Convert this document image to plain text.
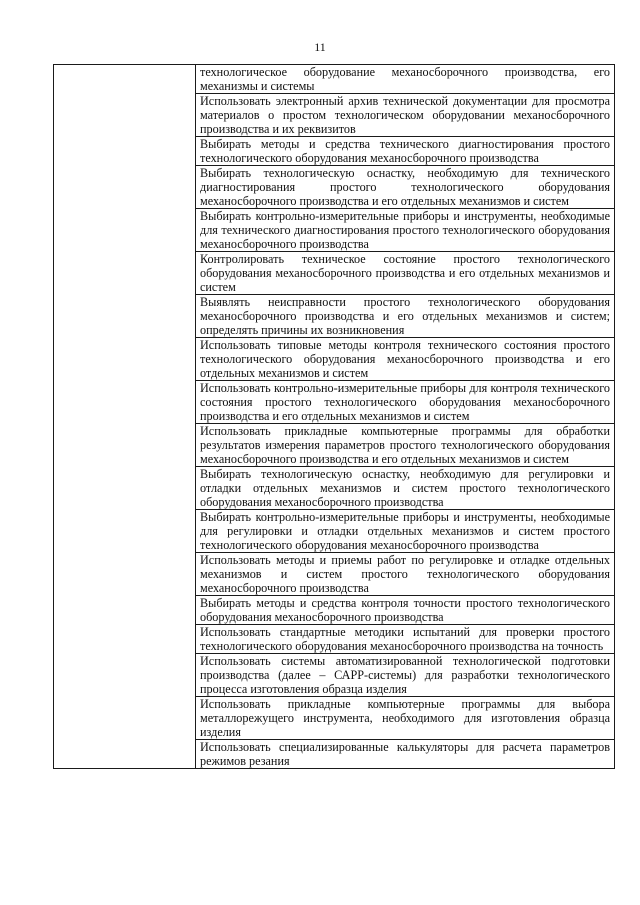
11
	технологическое оборудование механосборочного производства, его механизмы и системы
Использовать электронный архив технической документации для просмотра материалов о простом технологическом оборудовании механосборочного производства и их реквизитов
Выбирать методы и средства технического диагностирования простого технологического оборудования механосборочного производства
Выбирать технологическую оснастку, необходимую для технического диагностирования простого технологического оборудования механосборочного производства и его отдельных механизмов и систем
Выбирать контрольно-измерительные приборы и инструменты, необходимые для технического диагностирования простого технологического оборудования механосборочного производства
Контролировать техническое состояние простого технологического оборудования механосборочного производства и его отдельных механизмов и систем
Выявлять неисправности простого технологического оборудования механосборочного производства и его отдельных механизмов и систем; определять причины их возникновения
Использовать типовые методы контроля технического состояния простого технологического оборудования механосборочного производства и его отдельных механизмов и систем
Использовать контрольно-измерительные приборы для контроля технического состояния простого технологического оборудования механосборочного производства и его отдельных механизмов и систем
Использовать прикладные компьютерные программы для обработки результатов измерения параметров простого технологического оборудования механосборочного производства и его отдельных механизмов и систем
Выбирать технологическую оснастку, необходимую для регулировки и отладки отдельных механизмов и систем простого технологического оборудования механосборочного производства
Выбирать контрольно-измерительные приборы и инструменты, необходимые для регулировки и отладки отдельных механизмов и систем простого технологического оборудования механосборочного производства
Использовать методы и приемы работ по регулировке и отладке отдельных механизмов и систем простого технологического оборудования механосборочного производства
Выбирать методы и средства контроля точности простого технологического оборудования механосборочного производства
Использовать стандартные методики испытаний для проверки простого технологического оборудования механосборочного производства на точность
Использовать системы автоматизированной технологической подготовки производства (далее – САРР-системы) для разработки технологического процесса изготовления образца изделия
Использовать прикладные компьютерные программы для выбора металлорежущего инструмента, необходимого для изготовления образца изделия
Использовать специализированные калькуляторы для расчета параметров режимов резания
